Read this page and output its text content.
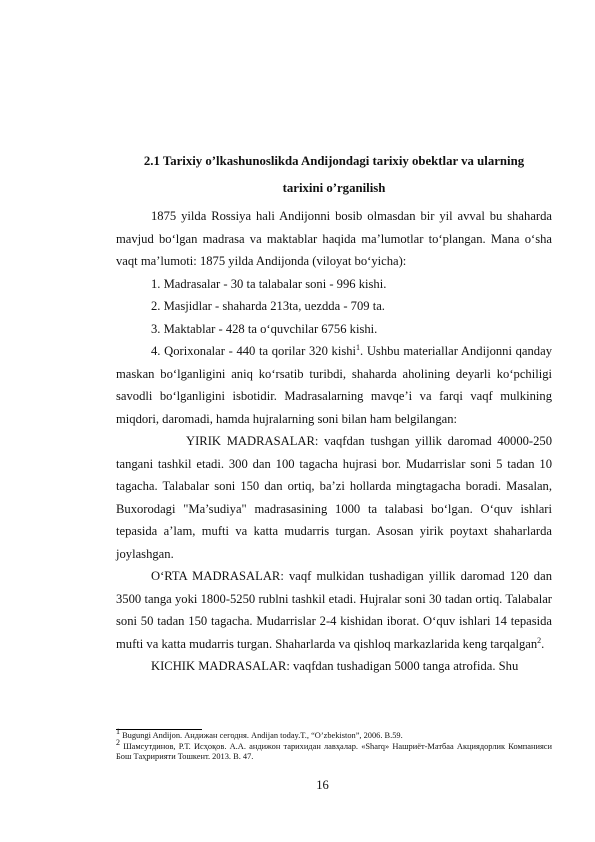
2.1 Tarixiy o’lkashunoslikda Andijondagi tarixiy obektlar va ularning
tarixini o’rganilish

1875 yilda Rossiya hali Andijonni bosib olmasdan bir yil avval bu shaharda mavjud bo‘lgan madrasa va maktablar haqida ma’lumotlar to‘plangan. Mana o‘sha vaqt ma’lumoti: 1875 yilda Andijonda (viloyat bo‘yicha):

1. Madrasalar - 30 ta talabalar soni - 996 kishi.

2. Masjidlar - shaharda 213ta, uezdda - 709 ta.

3. Maktablar - 428 ta o‘quvchilar 6756 kishi.

4. Qorixonalar - 440 ta qorilar 320 kishi$^1$. Ushbu materiallar Andijonni qanday maskan bo‘lganligini aniq ko‘rsatib turibdi, shaharda aholining deyarli ko‘pchiligi savodli bo‘lganligini isbotidir. Madrasalarning mavqe’i va farqi vaqf mulkining miqdori, daromadi, hamda hujralarning soni bilan ham belgilangan:

YIRIK MADRASALAR: vaqfdan tushgan yillik daromad 40000-250 tangani tashkil etadi. 300 dan 100 tagacha hujrasi bor. Mudarrislar soni 5 tadan 10 tagacha. Talabalar soni 150 dan ortiq, ba’zi hollarda mingtagacha boradi. Masalan, Buxorodagi "Ma’sudiya" madrasasining 1000 ta talabasi bo‘lgan. O‘quv ishlari tepasida a’lam, mufti va katta mudarris turgan. Asosan yirik poytaxt shaharlarda joylashgan.

O‘RTA MADRASALAR: vaqf mulkidan tushadigan yillik daromad 120 dan 3500 tanga yoki 1800-5250 rublni tashkil etadi. Hujralar soni 30 tadan ortiq. Talabalar soni 50 tadan 150 tagacha. Mudarrislar 2-4 kishidan iborat. O‘quv ishlari 14 tepasida mufti va katta mudarris turgan. Shaharlarda va qishloq markazlarida keng tarqalgan$^2$.

KICHIK MADRASALAR: vaqfdan tushadigan 5000 tanga atrofida. Shu

$^1$ Bugungi Andijon. Андижан сегодня. Andijan today.T., “O’zbekiston”, 2006. B.59.
$^2$ Шамсутдинов, Р.Т. Исҳоқов. А.А. андижон тарихидан лавҳалар. «Sharq» Нашриёт-Матбаа Акциядорлик Компанияси Бош Таҳририяти Тошкент. 2013. В. 47.
16
